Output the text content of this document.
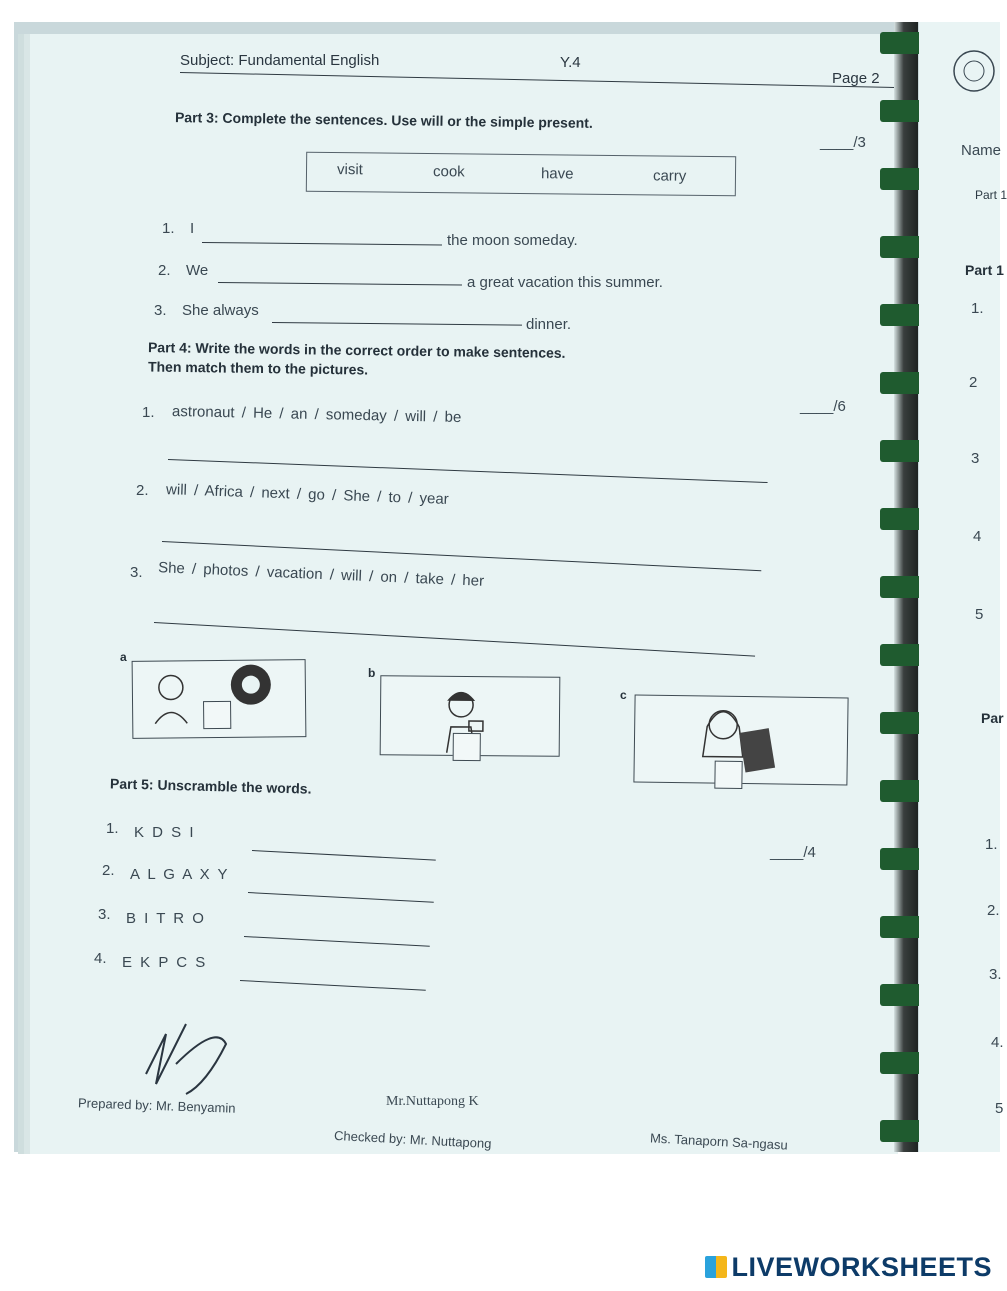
Subject: Fundamental English	Y.4
Page 2
Part 3: Complete the sentences. Use will or the simple present.
____/3
visit	cook	have	carry
1. I
the moon someday.
2. We
a great vacation this summer.
3. She always
dinner.
Part 4: Write the words in the correct order to make sentences.
Then match them to the pictures.
____/6
1. astronaut / He / an / someday / will / be
2. will / Africa / next / go / She / to / year
3. She / photos / vacation / will / on / take / her
a
b
c
Part 5: Unscramble the words.
____/4
1. K D S I
2. A L G A X Y
3. B I T R O
4. E K P C S
Prepared by: Mr. Benyamin	Mr.Nuttapong K
Checked by: Mr. Nuttapong	Ms. Tanaporn Sa-ngasu
Name
Part 1
Part 1
1.
2
3
4
5
Par
1.
2.
3.
4.
5
LIVEWORKSHEETS
